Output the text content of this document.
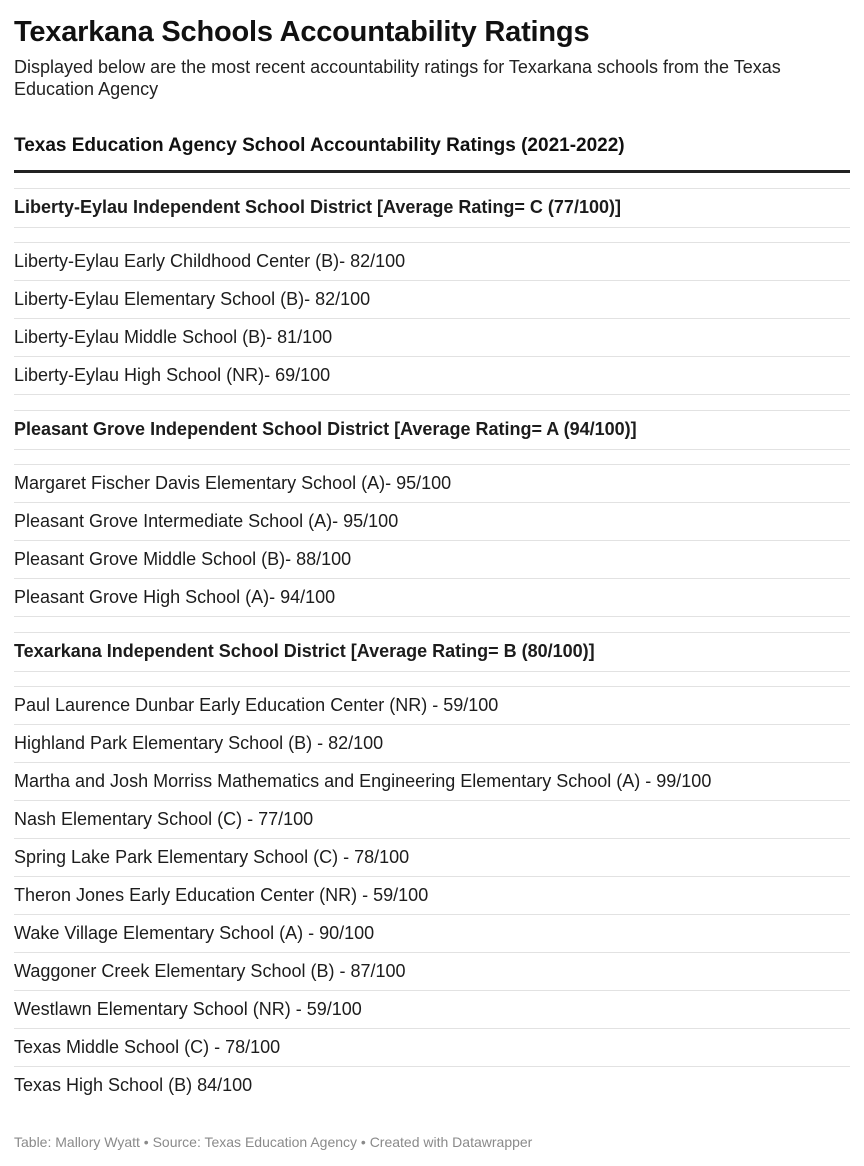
Texarkana Schools Accountability Ratings

Displayed below are the most recent accountability ratings for Texarkana schools from the Texas Education Agency

Texas Education Agency School Accountability Ratings (2021-2022)
Liberty-Eylau Independent School District [Average Rating= C (77/100)]
Liberty-Eylau Early Childhood Center (B)- 82/100
Liberty-Eylau Elementary School (B)- 82/100
Liberty-Eylau Middle School (B)- 81/100
Liberty-Eylau High School (NR)- 69/100
Pleasant Grove Independent School District [Average Rating= A (94/100)]
Margaret Fischer Davis Elementary School (A)- 95/100
Pleasant Grove Intermediate School (A)- 95/100
Pleasant Grove Middle School (B)- 88/100
Pleasant Grove High School (A)- 94/100
Texarkana Independent School District [Average Rating= B (80/100)]
Paul Laurence Dunbar Early Education Center (NR) - 59/100
Highland Park Elementary School (B) - 82/100
Martha and Josh Morriss Mathematics and Engineering Elementary School (A) - 99/100
Nash Elementary School (C) - 77/100
Spring Lake Park Elementary School (C) - 78/100
Theron Jones Early Education Center (NR) - 59/100
Wake Village Elementary School (A) - 90/100
Waggoner Creek Elementary School (B) - 87/100
Westlawn Elementary School (NR) - 59/100
Texas Middle School (C) - 78/100
Texas High School (B) 84/100
Table: Mallory Wyatt • Source: Texas Education Agency • Created with Datawrapper
